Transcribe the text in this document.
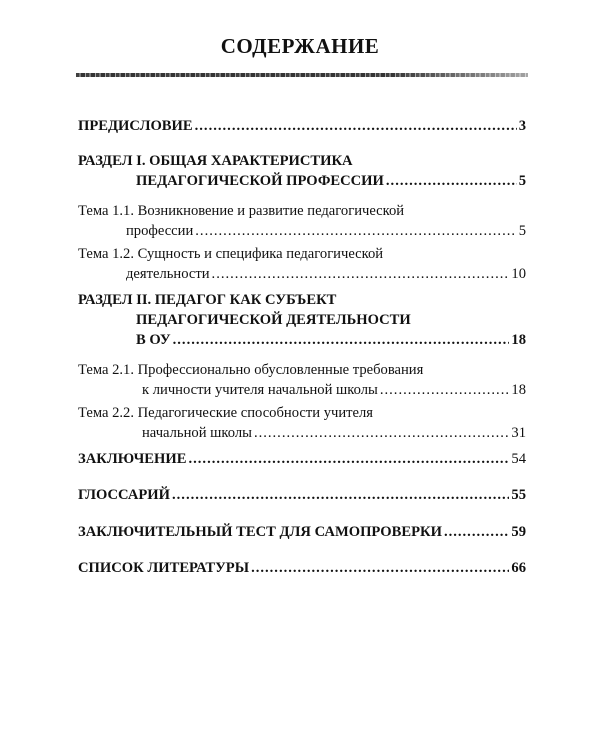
СОДЕРЖАНИЕ
ПРЕДИСЛОВИЕ .....	3
РАЗДЕЛ I. ОБЩАЯ ХАРАКТЕРИСТИКА
ПЕДАГОГИЧЕСКОЙ ПРОФЕССИИ .....	5
Тема 1.1. Возникновение и развитие педагогической
профессии .....	5
Тема 1.2. Сущность и специфика педагогической
деятельности .....	10
РАЗДЕЛ II. ПЕДАГОГ КАК СУБЪЕКТ
ПЕДАГОГИЧЕСКОЙ ДЕЯТЕЛЬНОСТИ
В ОУ .....	18
Тема 2.1. Профессионально обусловленные требования
к личности учителя начальной школы .....	18
Тема 2.2. Педагогические способности учителя
начальной школы .....	31
ЗАКЛЮЧЕНИЕ .....	54
ГЛОССАРИЙ .....	55
ЗАКЛЮЧИТЕЛЬНЫЙ ТЕСТ ДЛЯ САМОПРОВЕРКИ .....	59
СПИСОК ЛИТЕРАТУРЫ .....	66
